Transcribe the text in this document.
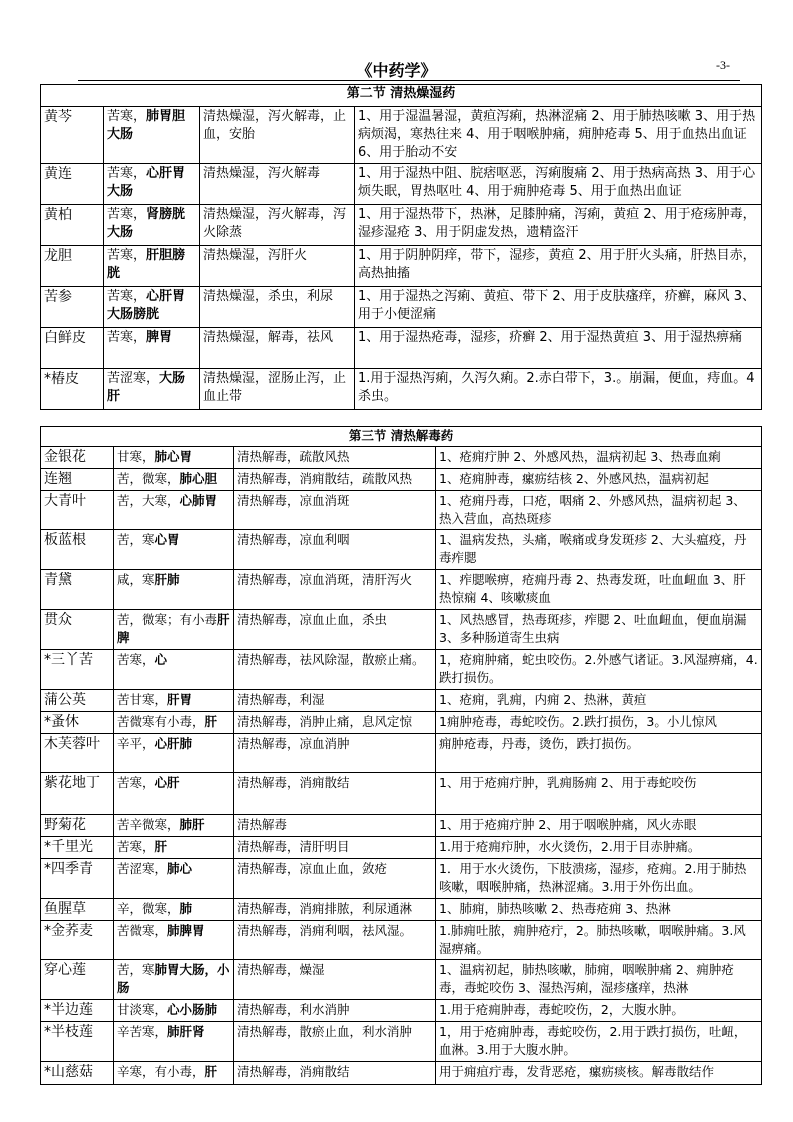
《中药学》	-3-
第二节 清热燥湿药			
黄芩	苦寒，肺胃胆大肠	清热燥湿，泻火解毒，止血，安胎	1、用于湿温暑湿，黄疸泻痢，热淋涩痛 2、用于肺热咳嗽 3、用于热病烦渴，寒热往来 4、用于咽喉肿痛，痈肿疮毒 5、用于血热出血证 6、用于胎动不安
黄连	苦寒，心肝胃大肠	清热燥湿，泻火解毒	1、用于湿热中阻、脘痞呕恶，泻痢腹痛 2、用于热病高热 3、用于心烦失眠，胃热呕吐 4、用于痈肿疮毒 5、用于血热出血证
黄柏	苦寒，肾膀胱大肠	清热燥湿，泻火解毒，泻火除蒸	1、用于湿热带下，热淋，足膝肿痛，泻痢，黄疸 2、用于疮疡肿毒，湿疹湿疮 3、用于阴虚发热，遗精盗汗
龙胆	苦寒，肝胆膀胱	清热燥湿，泻肝火	1、用于阴肿阴痒，带下，湿疹，黄疸 2、用于肝火头痛，肝热目赤，高热抽搐
苦参	苦寒，心肝胃大肠膀胱	清热燥湿，杀虫，利尿	1、用于湿热之泻痢、黄疸、带下 2、用于皮肤瘙痒，疥癣，麻风 3、用于小便涩痛
白鲜皮	苦寒，脾胃	清热燥湿，解毒，祛风	1、用于湿热疮毒，湿疹，疥癣 2、用于湿热黄疸 3、用于湿热痹痛
*椿皮	苦涩寒，大肠肝	清热燥湿，涩肠止泻，止血止带	1.用于湿热泻痢，久泻久痢。2.赤白带下，3.。崩漏，便血，痔血。4杀虫。
第三节 清热解毒药			
金银花	甘寒，肺心胃	清热解毒，疏散风热	1、疮痈疔肿 2、外感风热，温病初起 3、热毒血痢
连翘	苦，微寒，肺心胆	清热解毒，消痈散结，疏散风热	1、疮痈肿毒，瘰疬结核 2、外感风热，温病初起
大青叶	苦，大寒，心肺胃	清热解毒，凉血消斑	1、疮痈丹毒，口疮，咽痛 2、外感风热，温病初起 3、热入营血，高热斑疹
板蓝根	苦，寒心胃	清热解毒，凉血利咽	1、温病发热，头痛，喉痛或身发斑疹 2、大头瘟疫，丹毒痄腮
青黛	咸，寒肝肺	清热解毒，凉血消斑，清肝泻火	1、痄腮喉痹，疮痈丹毒 2、热毒发斑，吐血衄血 3、肝热惊痫 4、咳嗽痰血
贯众	苦，微寒；有小毒肝脾	清热解毒，凉血止血，杀虫	1、风热感冒，热毒斑疹，痄腮 2、吐血衄血，便血崩漏 3、多种肠道寄生虫病
*三丫苦	苦寒，心	清热解毒，祛风除湿，散瘀止痛。	1，疮痈肿痛，蛇虫咬伤。2.外感气诸证。3.风湿痹痛，4.跌打损伤。
蒲公英	苦甘寒，肝胃	清热解毒，利湿	1、疮痈，乳痈，内痈 2、热淋，黄疸
*蚤休	苦微寒有小毒，肝	清热解毒，消肿止痛，息风定惊	1痈肿疮毒，毒蛇咬伤。2.跌打损伤，3。小儿惊风
木芙蓉叶	辛平，心肝肺	清热解毒，凉血消肿	痈肿疮毒，丹毒，烫伤，跌打损伤。
紫花地丁	苦寒，心肝	清热解毒，消痈散结	1、用于疮痈疔肿，乳痈肠痈 2、用于毒蛇咬伤
野菊花	苦辛微寒，肺肝	清热解毒	1、用于疮痈疔肿 2、用于咽喉肿痛，风火赤眼
*千里光	苦寒，肝	清热解毒，清肝明目	1.用于疮痈疖肿，水火烫伤，2.用于目赤肿痛。
*四季青	苦涩寒，肺心	清热解毒，凉血止血，敛疮	1．用于水火烫伤，下肢溃疡，湿疹，疮痈。2.用于肺热咳嗽，咽喉肿痛，热淋涩痛。3.用于外伤出血。
鱼腥草	辛，微寒，肺	清热解毒，消痈排脓，利尿通淋	1、肺痈，肺热咳嗽 2、热毒疮痈 3、热淋
*金荞麦	苦微寒，肺脾胃	清热解毒，消痈利咽，祛风湿。	1.肺痈吐脓，痈肿疮疔，2。肺热咳嗽，咽喉肿痛。3.风湿痹痛。
穿心莲	苦，寒肺胃大肠，小肠	清热解毒，燥湿	1、温病初起，肺热咳嗽，肺痈，咽喉肿痛 2、痈肿疮毒，毒蛇咬伤 3、湿热泻痢，湿疹瘙痒，热淋
*半边莲	甘淡寒，心小肠肺	清热解毒，利水消肿	1.用于疮痈肿毒，毒蛇咬伤，2，大腹水肿。
*半枝莲	辛苦寒，肺肝肾	清热解毒，散瘀止血，利水消肿	1，用于疮痈肿毒，毒蛇咬伤，2.用于跌打损伤，吐衄，血淋。3.用于大腹水肿。
*山慈菇	辛寒，有小毒，肝	清热解毒，消痈散结	用于痈疽疔毒，发背恶疮，瘰疬痰核。解毒散结作
